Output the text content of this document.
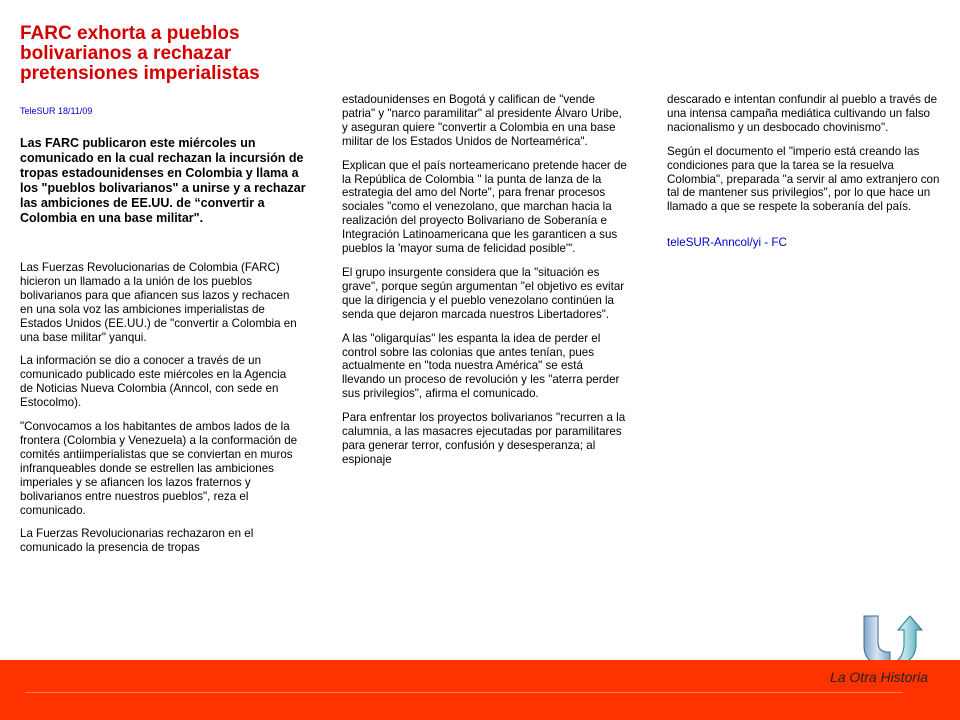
FARC exhorta a pueblos bolivarianos a rechazar pretensiones imperialistas
TeleSUR 18/11/09

Las FARC publicaron este miércoles un comunicado en la cual rechazan la incursión de tropas estadounidenses en Colombia y llama a los "pueblos bolivarianos" a unirse y a rechazar las ambiciones de EE.UU. de “convertir a Colombia en una base militar".

Las Fuerzas Revolucionarias de Colombia (FARC) hicieron un llamado a la unión de los pueblos bolivarianos para que afiancen sus lazos y rechacen en una sola voz las ambiciones imperialistas de Estados Unidos (EE.UU.) de "convertir a Colombia en una base militar" yanqui.

La información se dio a conocer a través de un comunicado publicado este miércoles en la Agencia de Noticias Nueva Colombia (Anncol, con sede en Estocolmo).

"Convocamos a los habitantes de ambos lados de la frontera (Colombia y Venezuela) a la conformación de comités antiimperialistas que se conviertan en muros infranqueables donde se estrellen las ambiciones imperiales y se afiancen los lazos fraternos y bolivarianos entre nuestros pueblos", reza el comunicado.

La Fuerzas Revolucionarias rechazaron en el comunicado la presencia de tropas

estadounidenses en Bogotá y califican de "vende patria" y "narco paramilitar" al presidente Álvaro Uribe, y aseguran quiere "convertir a Colombia en una base militar de los Estados Unidos de Norteamérica".

Explican que el país norteamericano pretende hacer de la República de Colombia " la punta de lanza de la estrategia del amo del Norte", para frenar procesos sociales "como el venezolano, que marchan hacia la realización del proyecto Bolivariano de Soberanía e Integración Latinoamericana que les garanticen a sus pueblos la 'mayor suma de felicidad posible'".

El grupo insurgente considera que la "situación es grave", porque según argumentan "el objetivo es evitar que la dirigencia y el pueblo venezolano continúen la senda que dejaron marcada nuestros Libertadores".

A las "oligarquías" les espanta la idea de perder el control sobre las colonias que antes tenían, pues actualmente en "toda nuestra América" se está llevando un proceso de revolución y les "aterra perder sus privilegios", afirma el comunicado.

Para enfrentar los proyectos bolivarianos "recurren a la calumnia, a las masacres ejecutadas por paramilitares para generar terror, confusión y desesperanza; al espionaje

descarado e intentan confundir al pueblo a través de una intensa campaña mediática cultivando un falso nacionalismo y un desbocado chovinismo".

Según el documento el "imperio está creando las condiciones para que la tarea se la resuelva Colombia", preparada "a servir al amo extranjero con tal de mantener sus privilegios", por lo que hace un llamado a que se respete la soberanía del país.

teleSUR-Anncol/yi - FC

La Otra Historia
